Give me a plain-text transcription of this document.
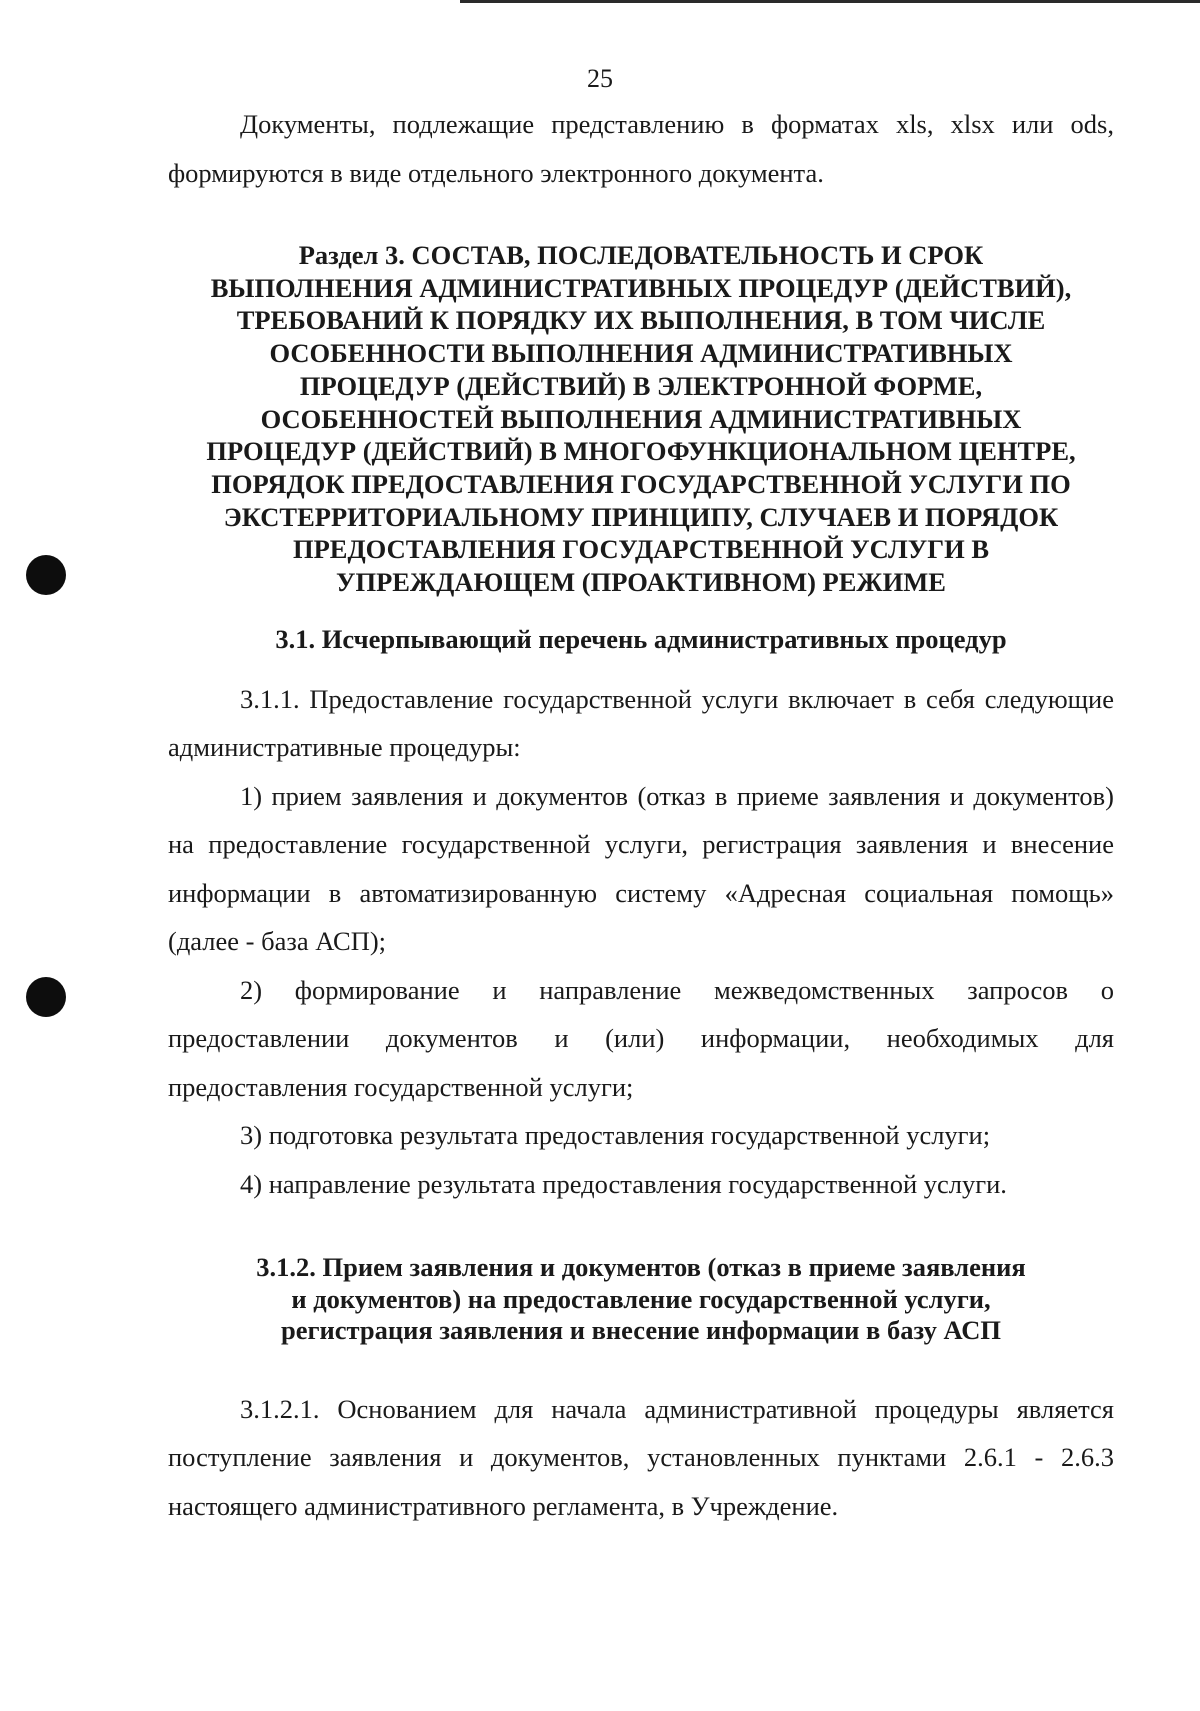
25

Документы, подлежащие представлению в форматах xls, xlsx или ods, формируются в виде отдельного электронного документа.

Раздел 3. СОСТАВ, ПОСЛЕДОВАТЕЛЬНОСТЬ И СРОК
ВЫПОЛНЕНИЯ АДМИНИСТРАТИВНЫХ ПРОЦЕДУР (ДЕЙСТВИЙ),
ТРЕБОВАНИЙ К ПОРЯДКУ ИХ ВЫПОЛНЕНИЯ, В ТОМ ЧИСЛЕ
ОСОБЕННОСТИ ВЫПОЛНЕНИЯ АДМИНИСТРАТИВНЫХ
ПРОЦЕДУР (ДЕЙСТВИЙ) В ЭЛЕКТРОННОЙ ФОРМЕ,
ОСОБЕННОСТЕЙ ВЫПОЛНЕНИЯ АДМИНИСТРАТИВНЫХ
ПРОЦЕДУР (ДЕЙСТВИЙ) В МНОГОФУНКЦИОНАЛЬНОМ ЦЕНТРЕ,
ПОРЯДОК ПРЕДОСТАВЛЕНИЯ ГОСУДАРСТВЕННОЙ УСЛУГИ ПО
ЭКСТЕРРИТОРИАЛЬНОМУ ПРИНЦИПУ, СЛУЧАЕВ И ПОРЯДОК
ПРЕДОСТАВЛЕНИЯ ГОСУДАРСТВЕННОЙ УСЛУГИ В
УПРЕЖДАЮЩЕМ (ПРОАКТИВНОМ) РЕЖИМЕ
3.1. Исчерпывающий перечень административных процедур

3.1.1. Предоставление государственной услуги включает в себя следующие административные процедуры:

1) прием заявления и документов (отказ в приеме заявления и документов) на предоставление государственной услуги, регистрация заявления и внесение информации в автоматизированную систему «Адресная социальная помощь» (далее - база АСП);

2) формирование и направление межведомственных запросов о предоставлении документов и (или) информации, необходимых для предоставления государственной услуги;

3) подготовка результата предоставления государственной услуги;

4) направление результата предоставления государственной услуги.

3.1.2. Прием заявления и документов (отказ в приеме заявления
и документов) на предоставление государственной услуги,
регистрация заявления и внесение информации в базу АСП

3.1.2.1. Основанием для начала административной процедуры является поступление заявления и документов, установленных пунктами 2.6.1 - 2.6.3 настоящего административного регламента, в Учреждение.
